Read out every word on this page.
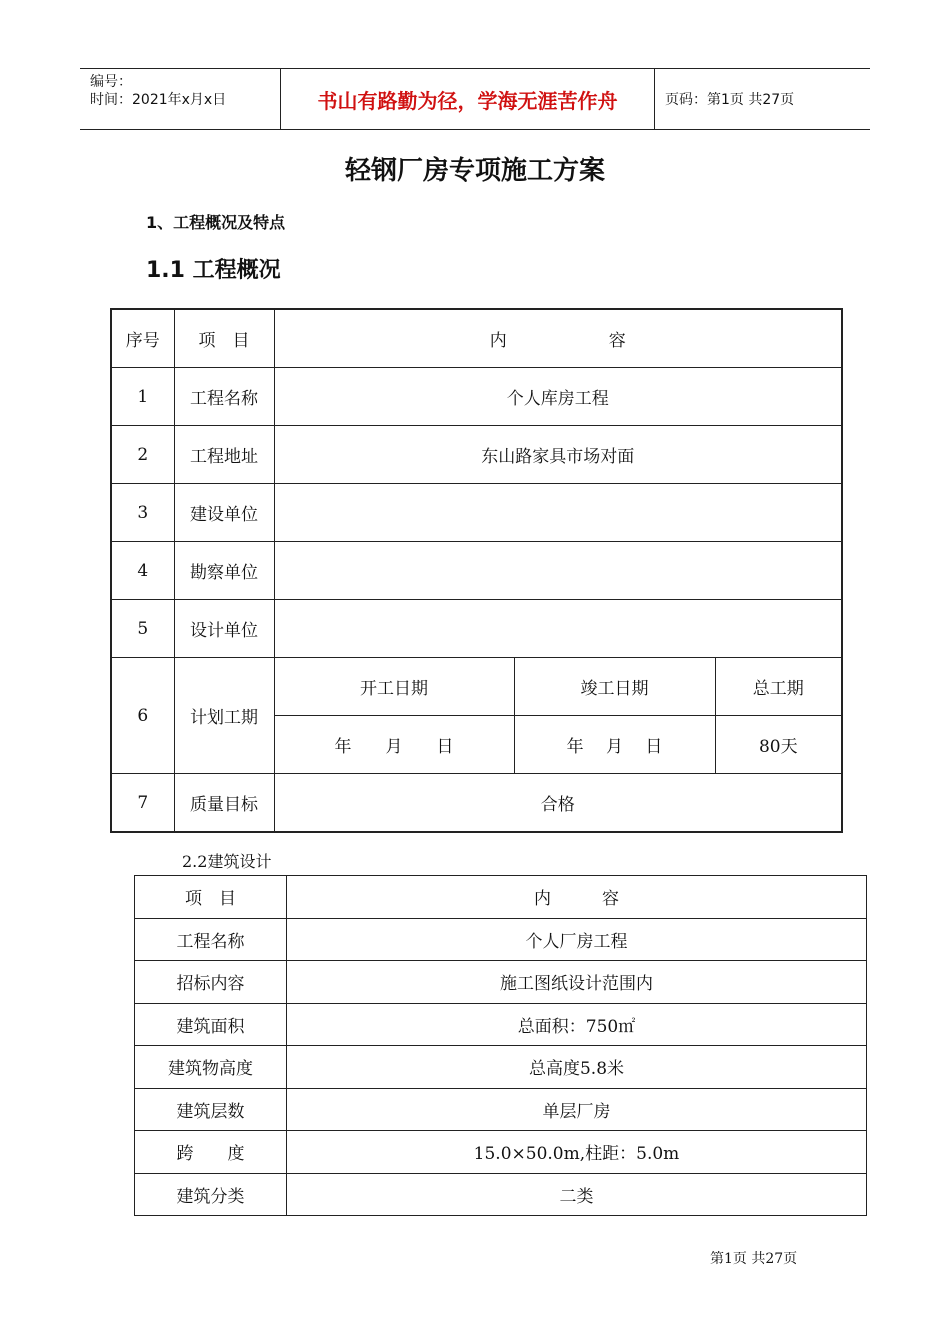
编号：
时间：2021年x月x日	书山有路勤为径，学海无涯苦作舟	页码：第1页 共27页
轻钢厂房专项施工方案
1、工程概况及特点
1.1 工程概况
序号	项　目	内　　　　　　容		
1	工程名称	个人库房工程		
2	工程地址	东山路家具市场对面		
3	建设单位			
4	勘察单位			
5	设计单位			
6	计划工期	开工日期	竣工日期	总工期
		年　　月　　日	年　 月　 日	80天
7	质量目标	合格		
2.2建筑设计
项　目	内　　　容
工程名称	个人厂房工程
招标内容	施工图纸设计范围内
建筑面积	总面积：750㎡
建筑物高度	总高度5.8米
建筑层数	单层厂房
跨　　度	15.0×50.0m,柱距：5.0m
建筑分类	二类
第1页 共27页
